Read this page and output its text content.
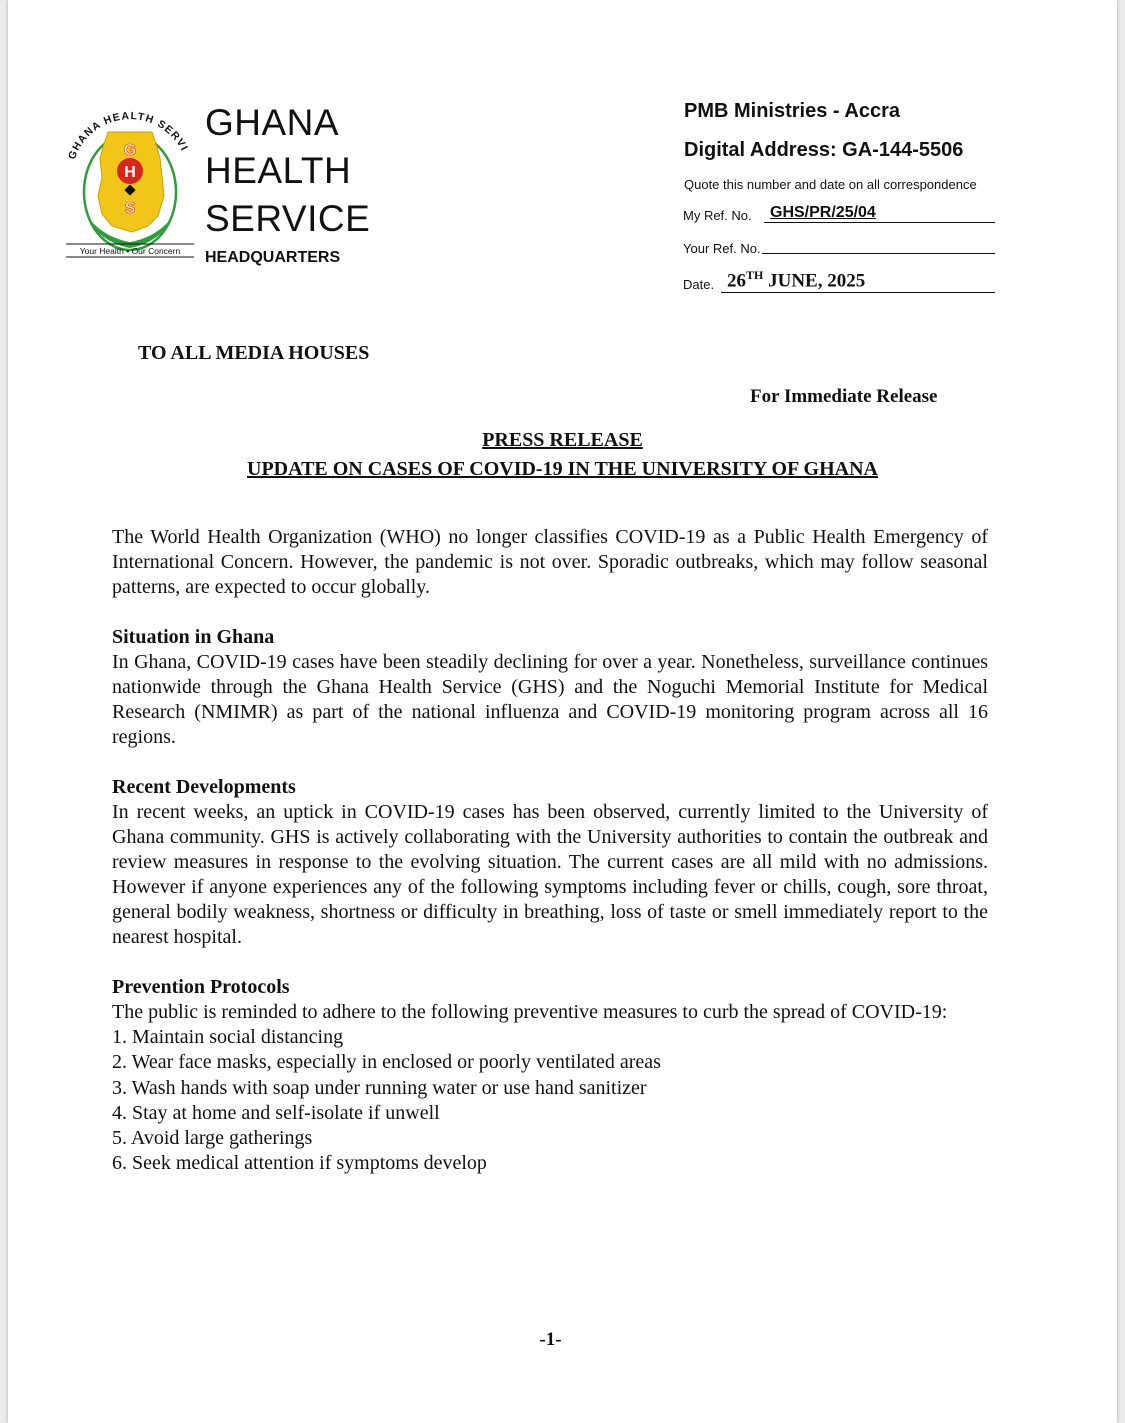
GHANA HEALTH SERVI
G
H
S
Your Health • Our Concern
GHANA
HEALTH
SERVICE
HEADQUARTERS
PMB Ministries - Accra
Digital Address: GA-144-5506
Quote this number and date on all correspondence
My Ref. No. GHS/PR/25/04
Your Ref. No.
Date. 26TH JUNE, 2025
TO ALL MEDIA HOUSES
For Immediate Release
PRESS RELEASE
UPDATE ON CASES OF COVID-19 IN THE UNIVERSITY OF GHANA

The World Health Organization (WHO) no longer classifies COVID-19 as a Public Health Emergency of International Concern. However, the pandemic is not over. Sporadic outbreaks, which may follow seasonal patterns, are expected to occur globally.

Situation in Ghana

In Ghana, COVID-19 cases have been steadily declining for over a year. Nonetheless, surveillance continues nationwide through the Ghana Health Service (GHS) and the Noguchi Memorial Institute for Medical Research (NMIMR) as part of the national influenza and COVID-19 monitoring program across all 16 regions.

Recent Developments

In recent weeks, an uptick in COVID-19 cases has been observed, currently limited to the University of Ghana community. GHS is actively collaborating with the University authorities to contain the outbreak and review measures in response to the evolving situation. The current cases are all mild with no admissions. However if anyone experiences any of the following symptoms including fever or chills, cough, sore throat, general bodily weakness, shortness or difficulty in breathing, loss of taste or smell immediately report to the nearest hospital.

Prevention Protocols

The public is reminded to adhere to the following preventive measures to curb the spread of COVID-19:

1. Maintain social distancing
2. Wear face masks, especially in enclosed or poorly ventilated areas
3. Wash hands with soap under running water or use hand sanitizer
4. Stay at home and self-isolate if unwell
5. Avoid large gatherings
6. Seek medical attention if symptoms develop
-1-
